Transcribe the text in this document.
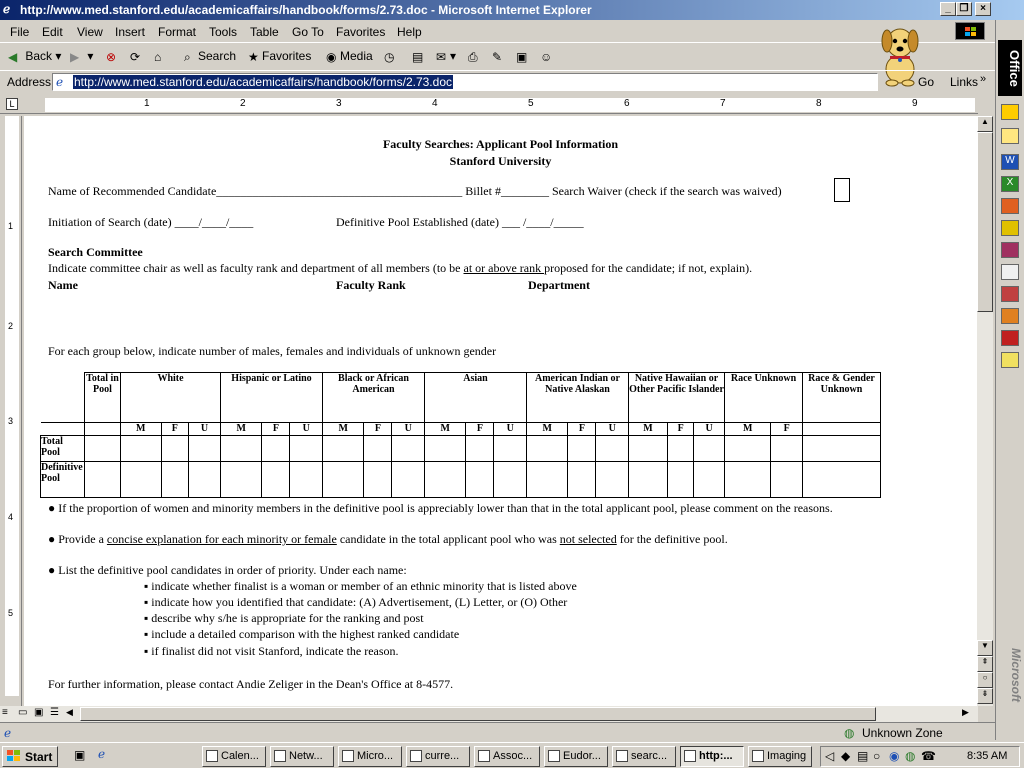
ℯ http://www.med.stanford.edu/academicaffairs/handbook/forms/2.73.doc - Microsoft Internet Explorer	_ ❐	×
File Edit View Insert Format Tools Table Go To Favorites Help
◀ Back ▾ ▶ ▾ ⊗	⟳	⌂	⌕ Search ★ Favorites ◉ Media ◷ ▤ ✉ ▾ ⎙	✎	▣ ☺
Address ℯ http://www.med.stanford.edu/academicaffairs/handbook/forms/2.73.doc	Go Links »
L	1	2	3	4	5	6	7	8	9
1
2
3
4
5
Faculty Searches: Applicant Pool Information
Stanford University
Name of Recommended Candidate_________________________________________ Billet #________ Search Waiver (check if the search was waived)
Initiation of Search (date) ____/____/____	Definitive Pool Established (date) ___ /____/_____
Search Committee
Indicate committee chair as well as faculty rank and department of all members (to be at or above rank proposed for the candidate; if not, explain).
Name	Faculty Rank	Department
For each group below, indicate number of males, females and individuals of unknown gender
	Total in Pool	White			Hispanic or Latino			Black or African American			Asian			American Indian or Native Alaskan			Native Hawaiian or Other Pacific Islander			Race Unknown		Race & Gender Unknown
		M	F	U	M	F	U	M	F	U	M	F	U	M	F	U	M	F	U	M	F	
Total Pool																						
Definitive Pool																						
● If the proportion of women and minority members in the definitive pool is appreciably lower than that in the total applicant pool, please comment on the reasons.
● Provide a concise explanation for each minority or female candidate in the total applicant pool who was not selected for the definitive pool.
● List the definitive pool candidates in order of priority. Under each name:
▪ indicate whether finalist is a woman or member of an ethnic minority that is listed above
▪ indicate how you identified that candidate: (A) Advertisement, (L) Letter, or (O) Other
▪ describe why s/he is appropriate for the ranking and post
▪ include a detailed comparison with the highest ranked candidate
▪ if finalist did not visit Stanford, indicate the reason.
For further information, please contact Andie Zeliger in the Dean's Office at 8-4577.
▲
▼
⇞
○
⇟
≡ ▭ ▣ ☰ ◀	▶
ℯ	◍ Unknown Zone
Office
W
X
Microsoft
Start	▣ ℯ	Calen...	Netw...	Micro...	curre...	Assoc...	Eudor...	searc...	http:...	Imaging	◁ ◆ ▤ ○ ◉ ◍ ☎	8:35 AM
